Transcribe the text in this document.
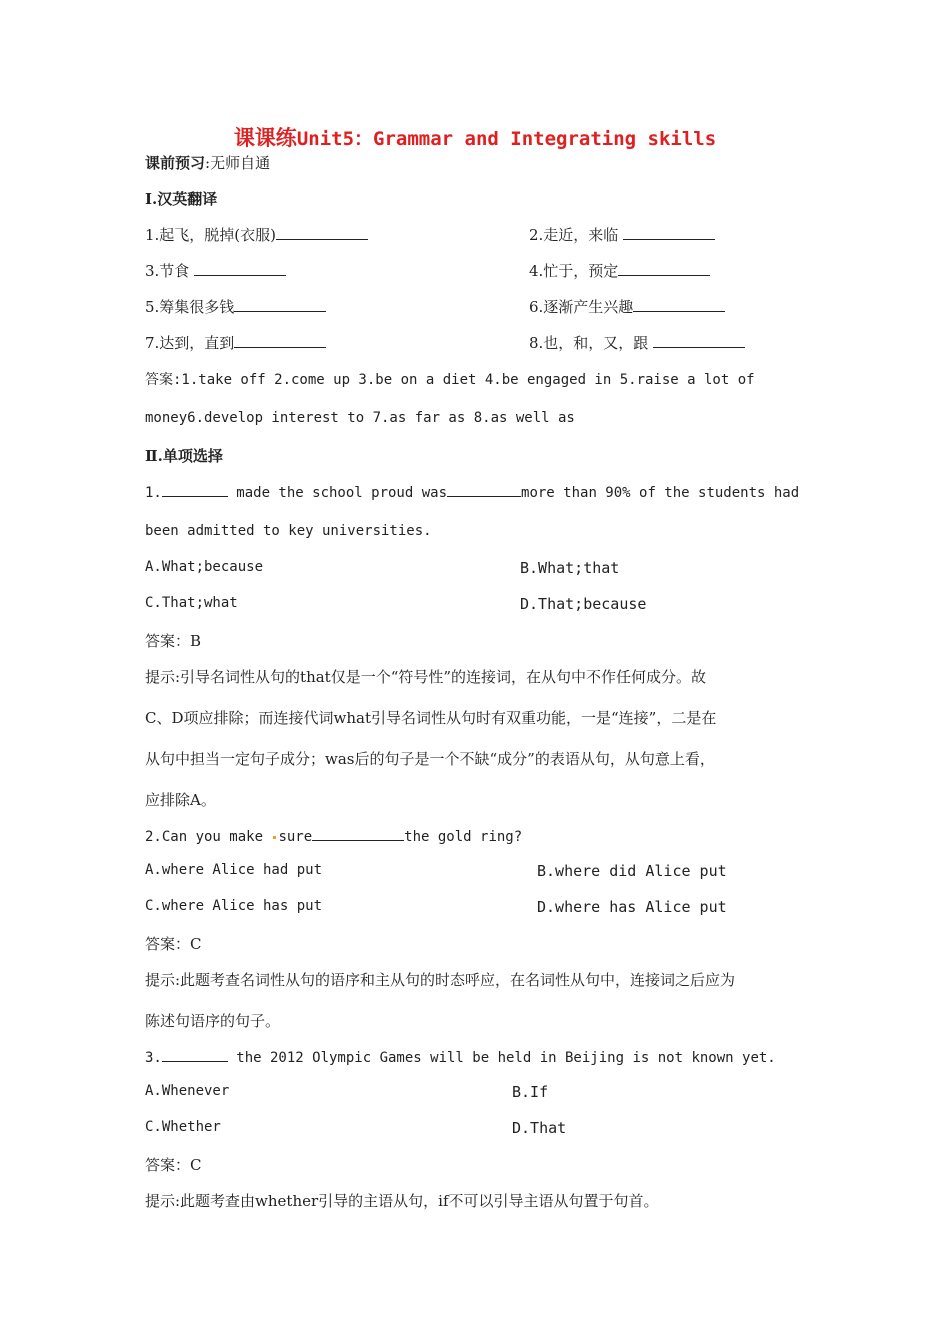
课课练Unit5：Grammar and Integrating skills
课前预习:无师自通
Ⅰ.汉英翻译
1.起飞，脱掉(衣服)	2.走近，来临
3.节食	4.忙于，预定
5.筹集很多钱	6.逐渐产生兴趣
7.达到，直到	8.也，和，又，跟
答案:1.take off 2.come up 3.be on a diet 4.be engaged in 5.raise a lot of
money6.develop interest to 7.as far as 8.as well as
Ⅱ.单项选择
1.	made the school proud was	more than 90% of the students had
been admitted to key universities.
A.What;because	B.What;that
C.That;what	D.That;because
答案：B
提示:引导名词性从句的that仅是一个“符号性”的连接词，在从句中不作任何成分。故
C、D项应排除；而连接代词what引导名词性从句时有双重功能，一是“连接”，二是在
从句中担当一定句子成分；was后的句子是一个不缺“成分”的表语从句，从句意上看，
应排除A。
2.Can you make sure	the gold ring?
A.where Alice had put	B.where did Alice put
C.where Alice has put	D.where has Alice put
答案：C
提示:此题考查名词性从句的语序和主从句的时态呼应，在名词性从句中，连接词之后应为
陈述句语序的句子。
3.	the 2012 Olympic Games will be held in Beijing is not known yet.
A.Whenever	B.If
C.Whether	D.That
答案：C
提示:此题考查由whether引导的主语从句，if不可以引导主语从句置于句首。
